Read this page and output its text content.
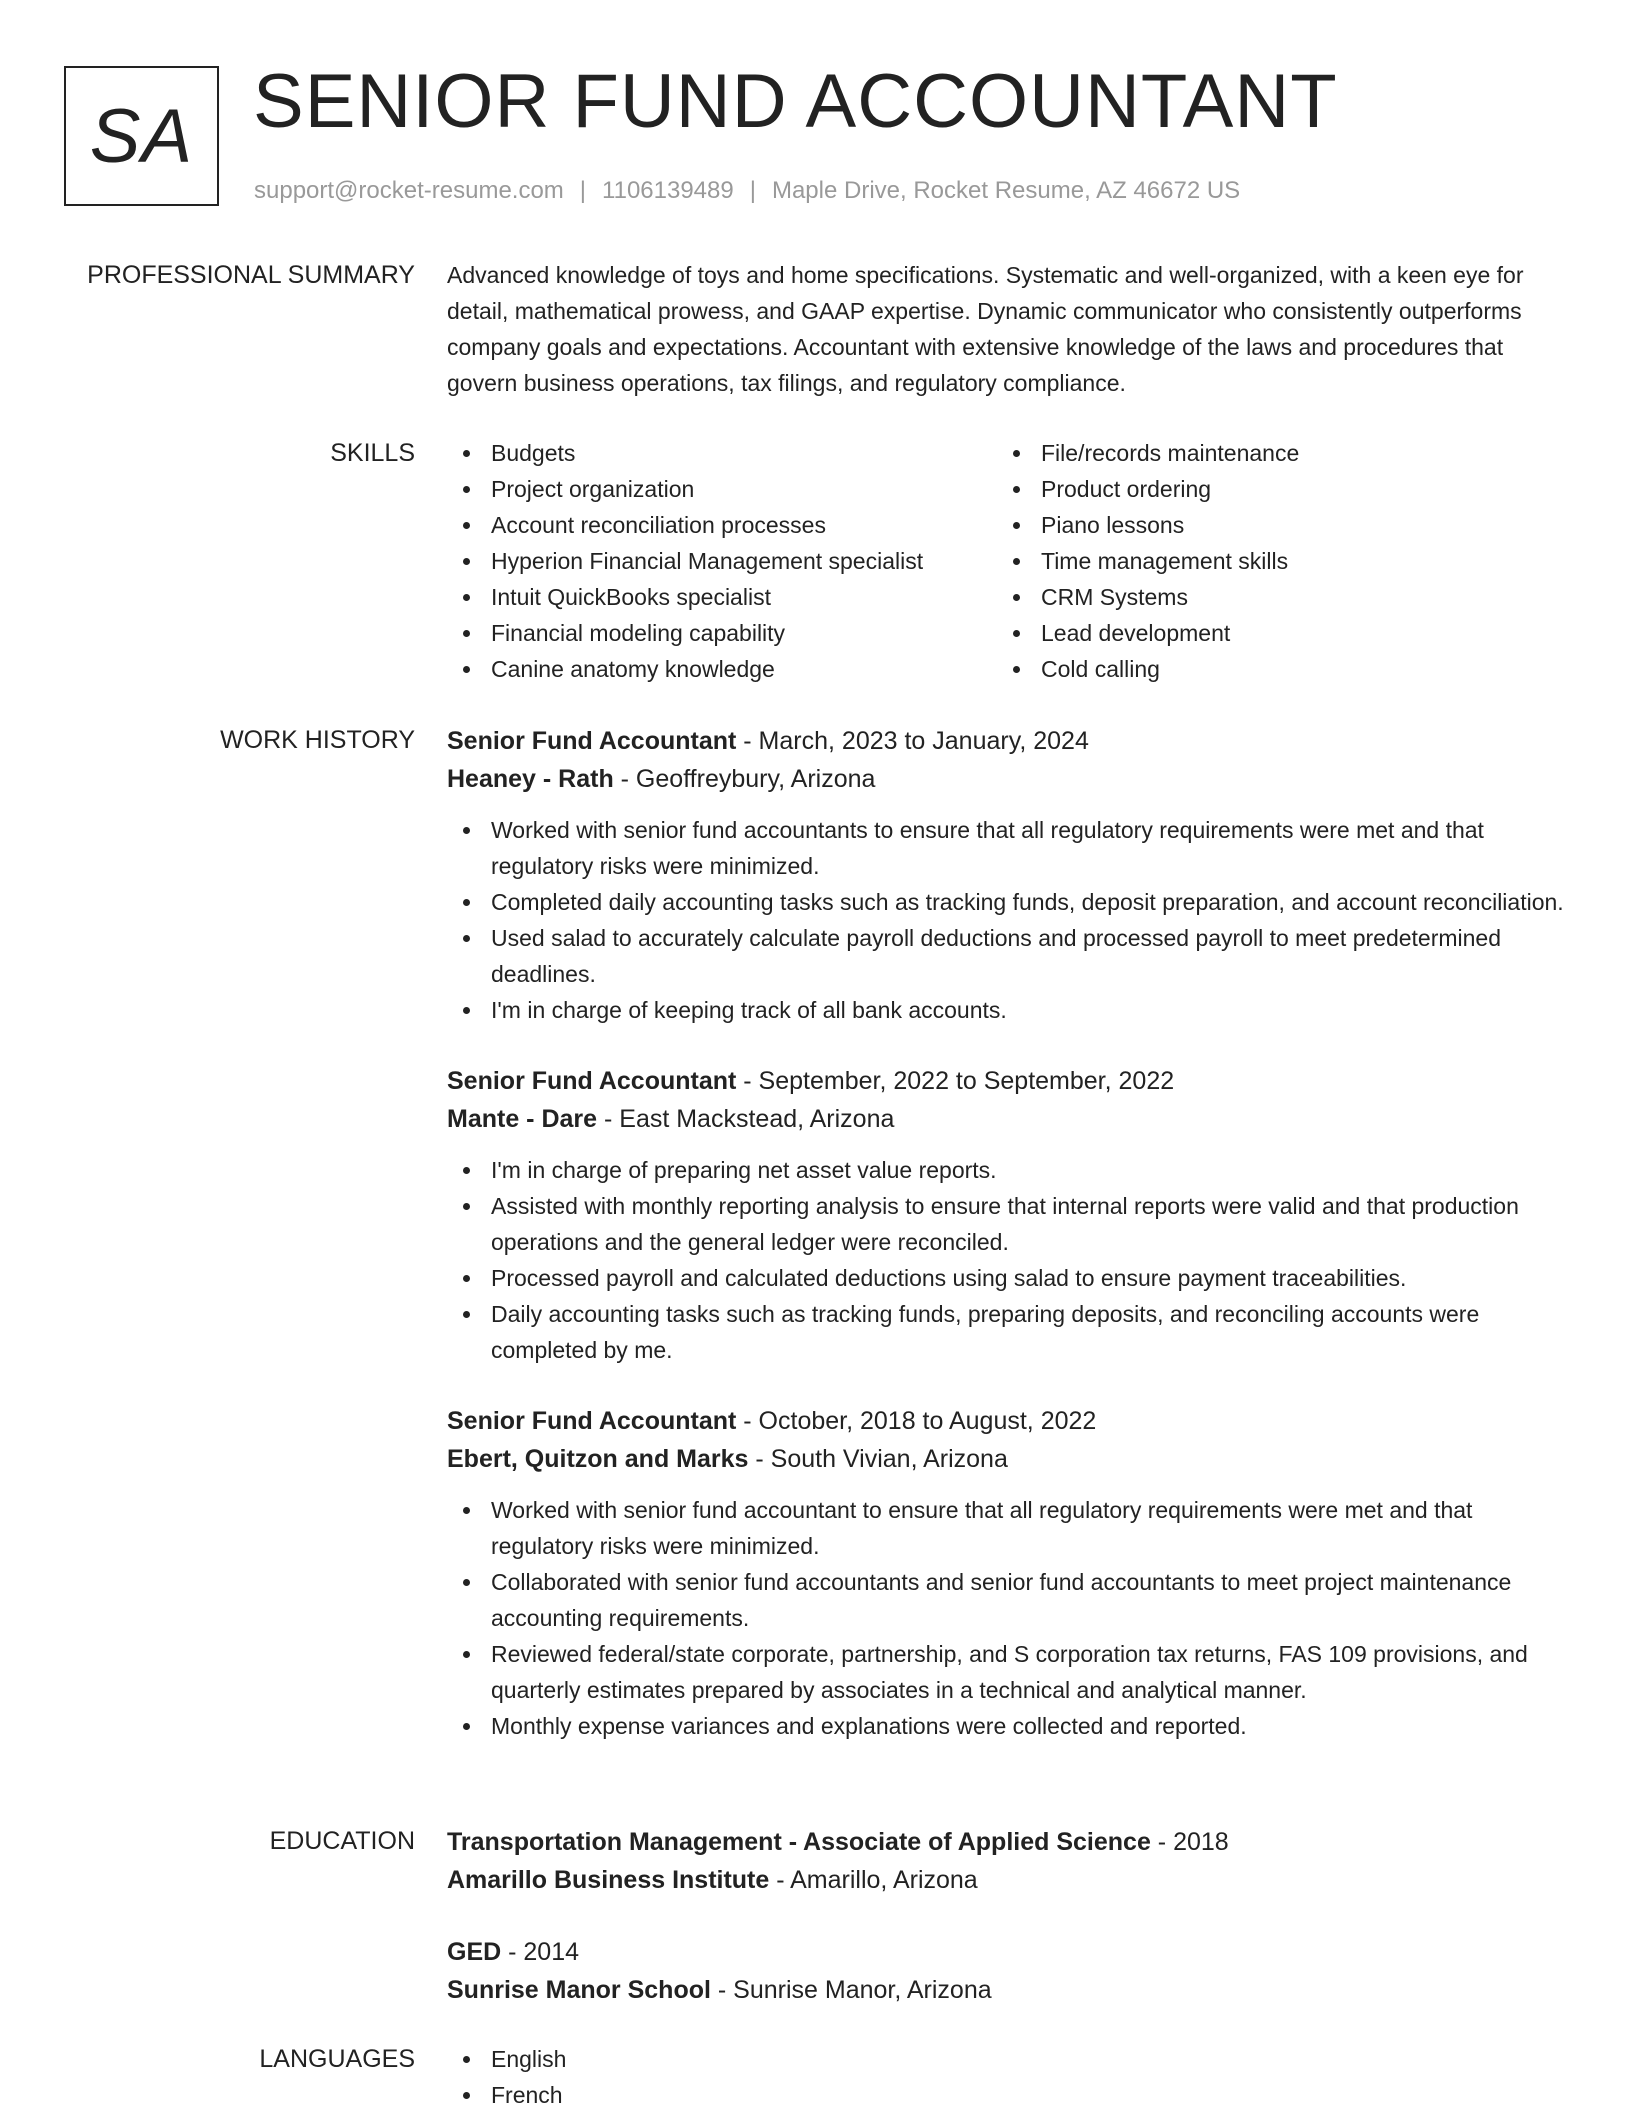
SA SENIOR FUND ACCOUNTANT
support@rocket-resume.com | 1106139489 | Maple Drive, Rocket Resume, AZ 46672 US
PROFESSIONAL SUMMARY Advanced knowledge of toys and home specifications. Systematic and well-organized, with a keen eye for detail, mathematical prowess, and GAAP expertise. Dynamic communicator who consistently outperforms company goals and expectations. Accountant with extensive knowledge of the laws and procedures that govern business operations, tax filings, and regulatory compliance.

SKILLS	Budgets
Project organization
Account reconciliation processes
Hyperion Financial Management specialist
Intuit QuickBooks specialist
Financial modeling capability
Canine anatomy knowledge
File/records maintenance
Product ordering
Piano lessons
Time management skills
CRM Systems
Lead development
Cold calling
WORK HISTORY Senior Fund Accountant - March, 2023 to January, 2024

Heaney - Rath - Geoffreybury, Arizona

Worked with senior fund accountants to ensure that all regulatory requirements were met and that regulatory risks were minimized.
Completed daily accounting tasks such as tracking funds, deposit preparation, and account reconciliation.
Used salad to accurately calculate payroll deductions and processed payroll to meet predetermined deadlines.
I'm in charge of keeping track of all bank accounts.

Senior Fund Accountant - September, 2022 to September, 2022

Mante - Dare - East Mackstead, Arizona

I'm in charge of preparing net asset value reports.
Assisted with monthly reporting analysis to ensure that internal reports were valid and that production operations and the general ledger were reconciled.
Processed payroll and calculated deductions using salad to ensure payment traceabilities.
Daily accounting tasks such as tracking funds, preparing deposits, and reconciling accounts were completed by me.

Senior Fund Accountant - October, 2018 to August, 2022

Ebert, Quitzon and Marks - South Vivian, Arizona

Worked with senior fund accountant to ensure that all regulatory requirements were met and that regulatory risks were minimized.
Collaborated with senior fund accountants and senior fund accountants to meet project maintenance accounting requirements.
Reviewed federal/state corporate, partnership, and S corporation tax returns, FAS 109 provisions, and quarterly estimates prepared by associates in a technical and analytical manner.
Monthly expense variances and explanations were collected and reported.
EDUCATION Transportation Management - Associate of Applied Science - 2018

Amarillo Business Institute - Amarillo, Arizona

GED - 2014

Sunrise Manor School - Sunrise Manor, Arizona

LANGUAGES	English
French
